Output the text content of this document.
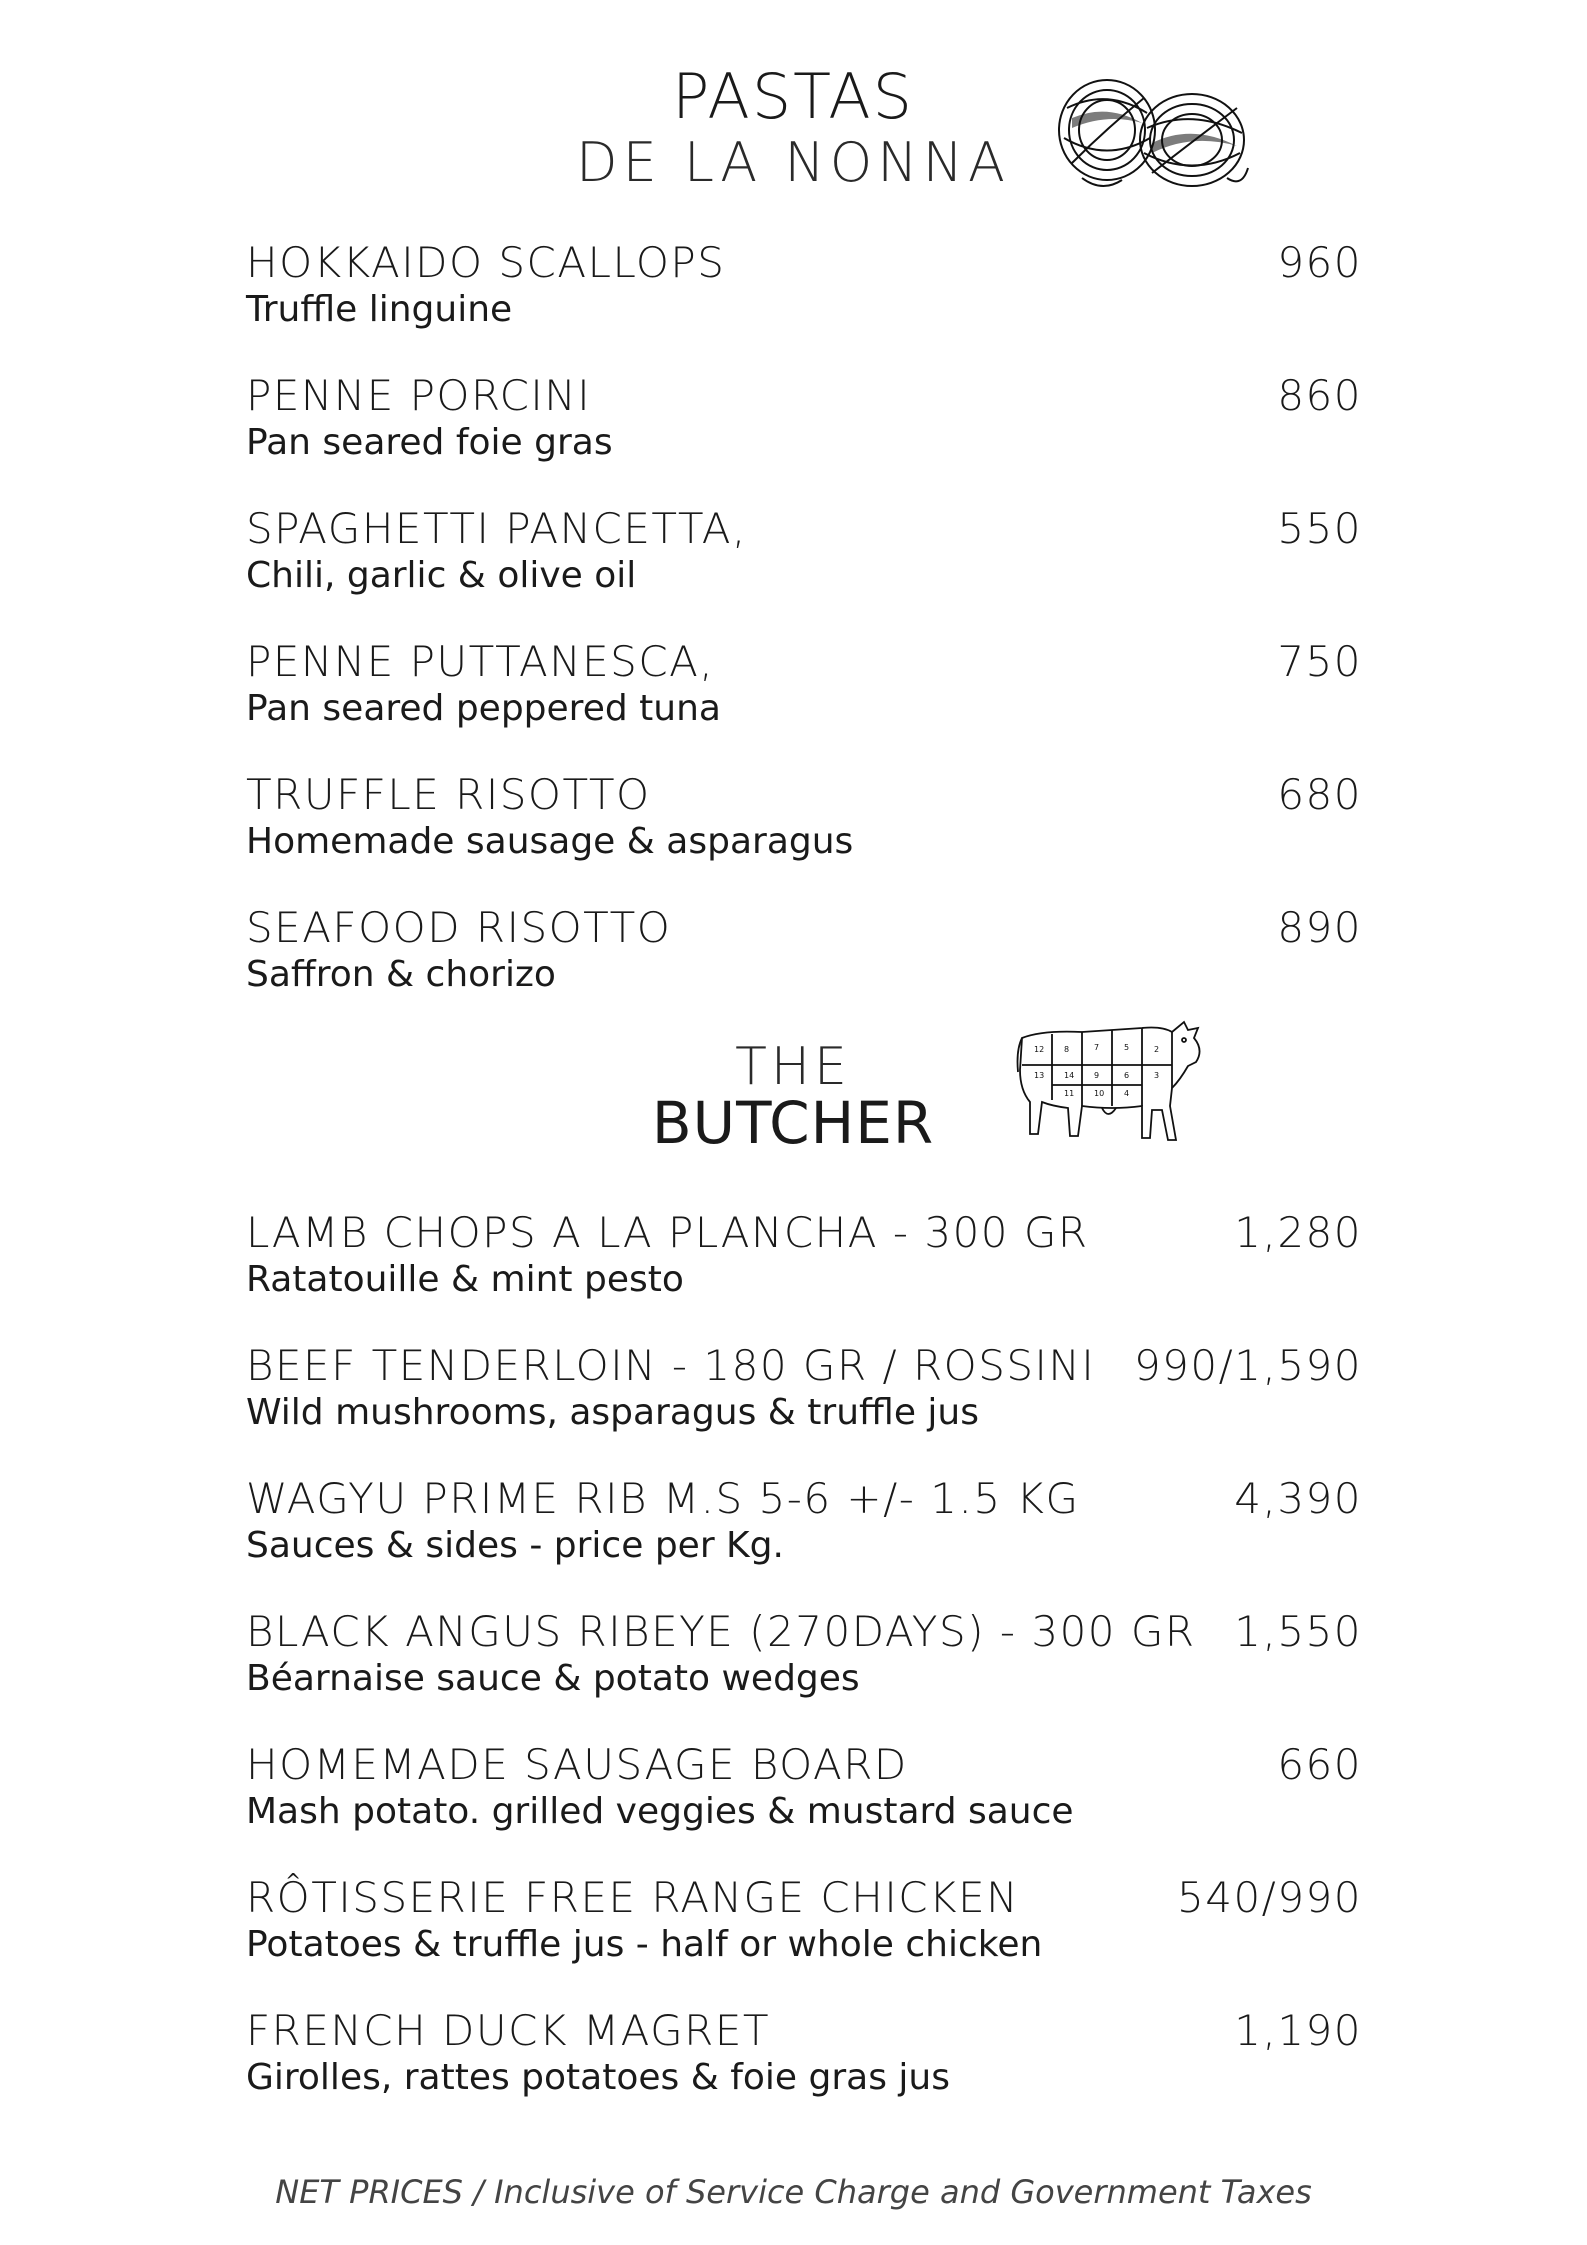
PASTAS
DE LA NONNA
HOKKAIDO SCALLOPS	960
Truffle linguine
PENNE PORCINI	860
Pan seared foie gras
SPAGHETTI PANCETTA,	550
Chili, garlic & olive oil
PENNE PUTTANESCA,	750
Pan seared peppered tuna
TRUFFLE RISOTTO	680
Homemade sausage & asparagus
SEAFOOD RISOTTO	890
Saffron & chorizo
THE
BUTCHER
12 8	7	5	2
13 14 9	6	3
11 10 4
LAMB CHOPS A LA PLANCHA - 300 GR	1,280
Ratatouille & mint pesto
BEEF TENDERLOIN - 180 GR / ROSSINI 990/1,590
Wild mushrooms, asparagus & truffle jus
WAGYU PRIME RIB M.S 5-6 +/- 1.5 KG	4,390
Sauces & sides - price per Kg.
BLACK ANGUS RIBEYE (270DAYS) - 300 GR 1,550
Béarnaise sauce & potato wedges
HOMEMADE SAUSAGE BOARD	660
Mash potato. grilled veggies & mustard sauce
RÔTISSERIE FREE RANGE CHICKEN	540/990
Potatoes & truffle jus - half or whole chicken
FRENCH DUCK MAGRET	1,190
Girolles, rattes potatoes & foie gras jus
NET PRICES / Inclusive of Service Charge and Government Taxes
